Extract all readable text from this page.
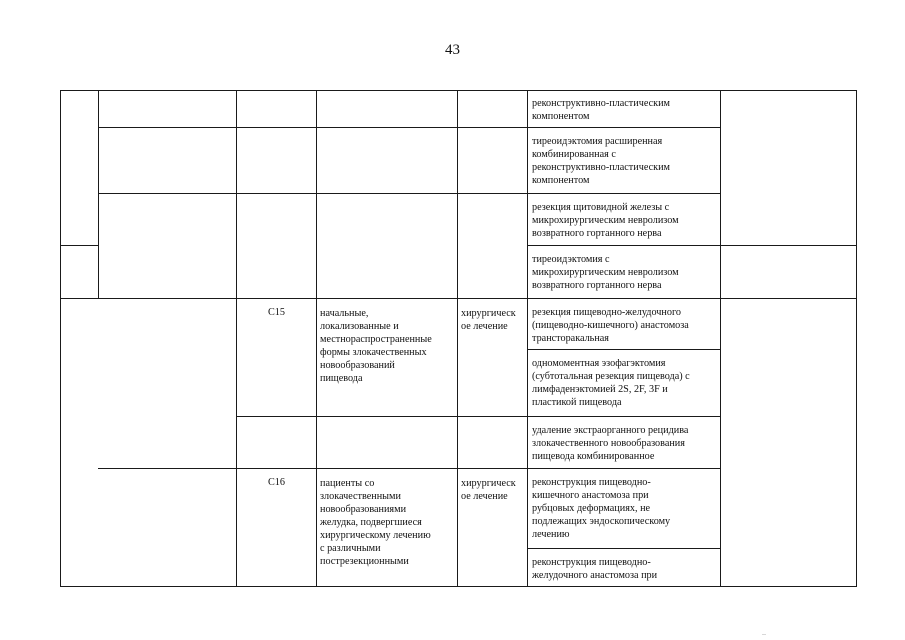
43
C15	начальные,
локализованные и
местнораспространенные
формы злокачественных
новообразований
пищевода
хирургическ
ое лечение
C16	пациенты со
злокачественными
новообразованиями
желудка, подвергшиеся
хирургическому лечению
с различными
пострезекционными
хирургическ
ое лечение
реконструктивно-пластическим
компонентом
тиреоидэктомия расширенная
комбинированная с
реконструктивно-пластическим
компонентом
резекция щитовидной железы с
микрохирургическим невролизом
возвратного гортанного нерва
тиреоидэктомия с
микрохирургическим невролизом
возвратного гортанного нерва
резекция пищеводно-желудочного
(пищеводно-кишечного) анастомоза
трансторакальная
одномоментная эзофагэктомия
(субтотальная резекция пищевода) с
лимфаденэктомией 2S, 2F, 3F и
пластикой пищевода
удаление экстраорганного рецидива
злокачественного новообразования
пищевода комбинированное
реконструкция пищеводно-
кишечного анастомоза при
рубцовых деформациях, не
подлежащих эндоскопическому
лечению
реконструкция пищеводно-
желудочного анастомоза при
..
